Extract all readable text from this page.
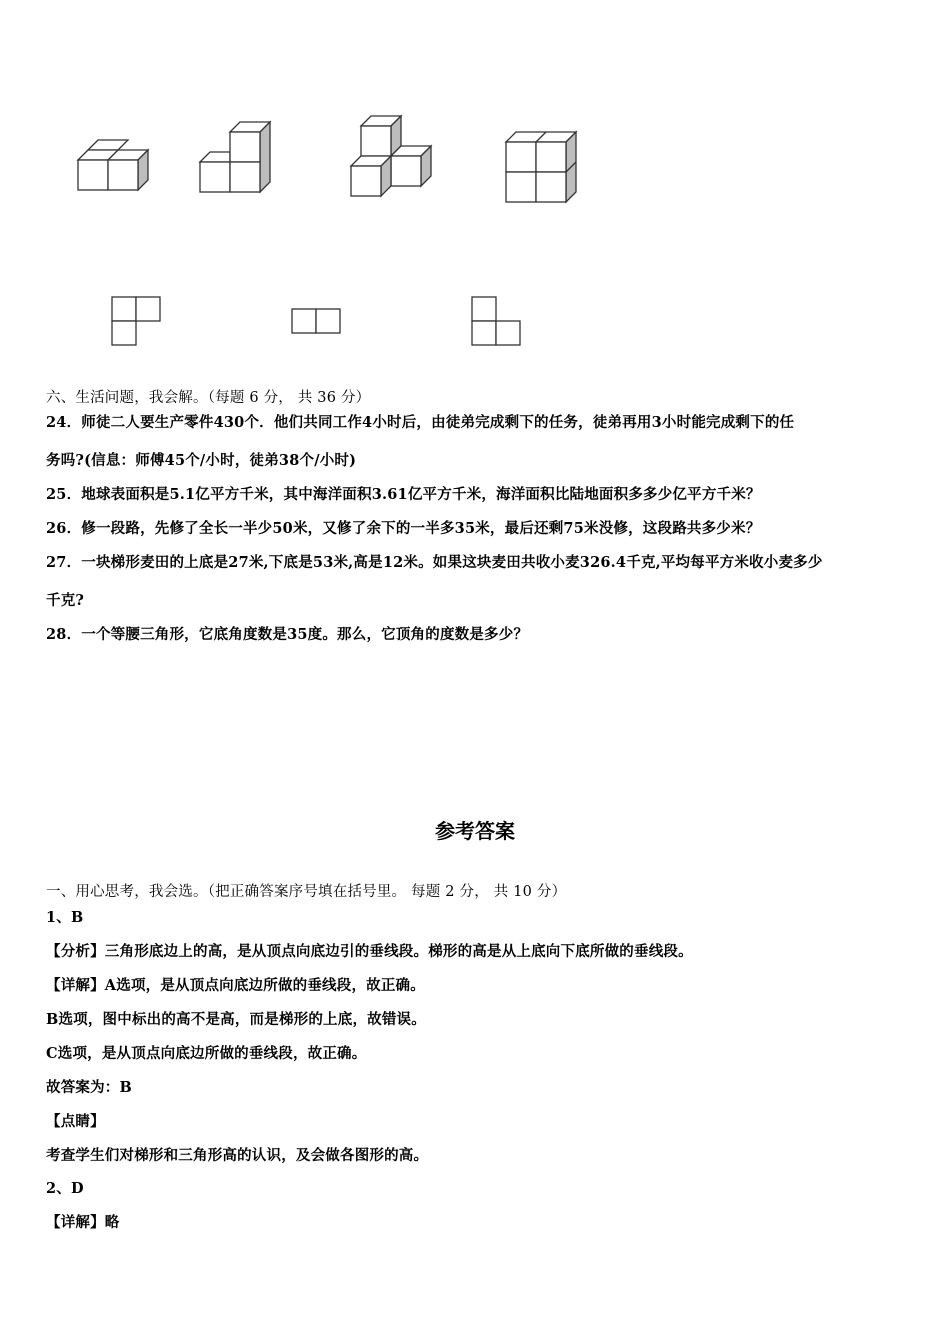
六、生活问题，我会解。（每题 6 分， 共 36 分）
24．师徒二人要生产零件430个．他们共同工作4小时后，由徒弟完成剩下的任务，徒弟再用3小时能完成剩下的任
务吗?(信息：师傅45个/小时，徒弟38个/小时)
25．地球表面积是5.1亿平方千米，其中海洋面积3.61亿平方千米，海洋面积比陆地面积多多少亿平方千米？
26．修一段路，先修了全长一半少50米，又修了余下的一半多35米，最后还剩75米没修，这段路共多少米？
27．一块梯形麦田的上底是27米,下底是53米,高是12米。如果这块麦田共收小麦326.4千克,平均每平方米收小麦多少
千克?
28．一个等腰三角形，它底角度数是35度。那么，它顶角的度数是多少？
参考答案
一、用心思考，我会选。（把正确答案序号填在括号里。 每题 2 分， 共 10 分）
1、B
【分析】三角形底边上的高，是从顶点向底边引的垂线段。梯形的高是从上底向下底所做的垂线段。
【详解】A选项，是从顶点向底边所做的垂线段，故正确。
B选项，图中标出的高不是高，而是梯形的上底，故错误。
C选项，是从顶点向底边所做的垂线段，故正确。
故答案为：B
【点睛】
考查学生们对梯形和三角形高的认识，及会做各图形的高。
2、D
【详解】略
